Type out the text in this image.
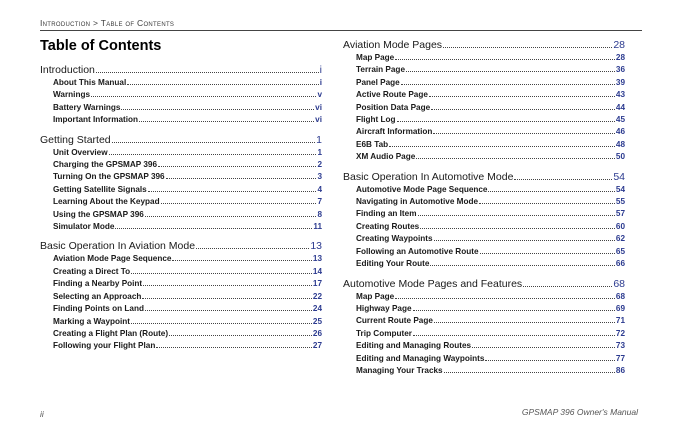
Introduction > Table of Contents
Table of Contents
Introduction	i
About This Manual	i
Warnings	v
Battery Warnings	vi
Important Information	vi
Getting Started	1
Unit Overview	1
Charging the GPSMAP 396	2
Turning On the GPSMAP 396	3
Getting Satellite Signals	4
Learning About the Keypad	7
Using the GPSMAP 396	8
Simulator Mode	11
Basic Operation In Aviation Mode	13
Aviation Mode Page Sequence	13
Creating a Direct To	14
Finding a Nearby Point	17
Selecting an Approach	22
Finding Points on Land	24
Marking a Waypoint	25
Creating a Flight Plan (Route)	26
Following your Flight Plan	27
Aviation Mode Pages	28
Map Page	28
Terrain Page	36
Panel Page	39
Active Route Page	43
Position Data Page	44
Flight Log	45
Aircraft Information	46
E6B Tab	48
XM Audio Page	50
Basic Operation In Automotive Mode	54
Automotive Mode Page Sequence	54
Navigating in Automotive Mode	55
Finding an Item	57
Creating Routes	60
Creating Waypoints	62
Following an Automotive Route	65
Editing Your Route	66
Automotive Mode Pages and Features	68
Map Page	68
Highway Page	69
Current Route Page	71
Trip Computer	72
Editing and Managing Routes	73
Editing and Managing Waypoints	77
Managing Your Tracks	86
ii	GPSMAP 396 Owner's Manual
